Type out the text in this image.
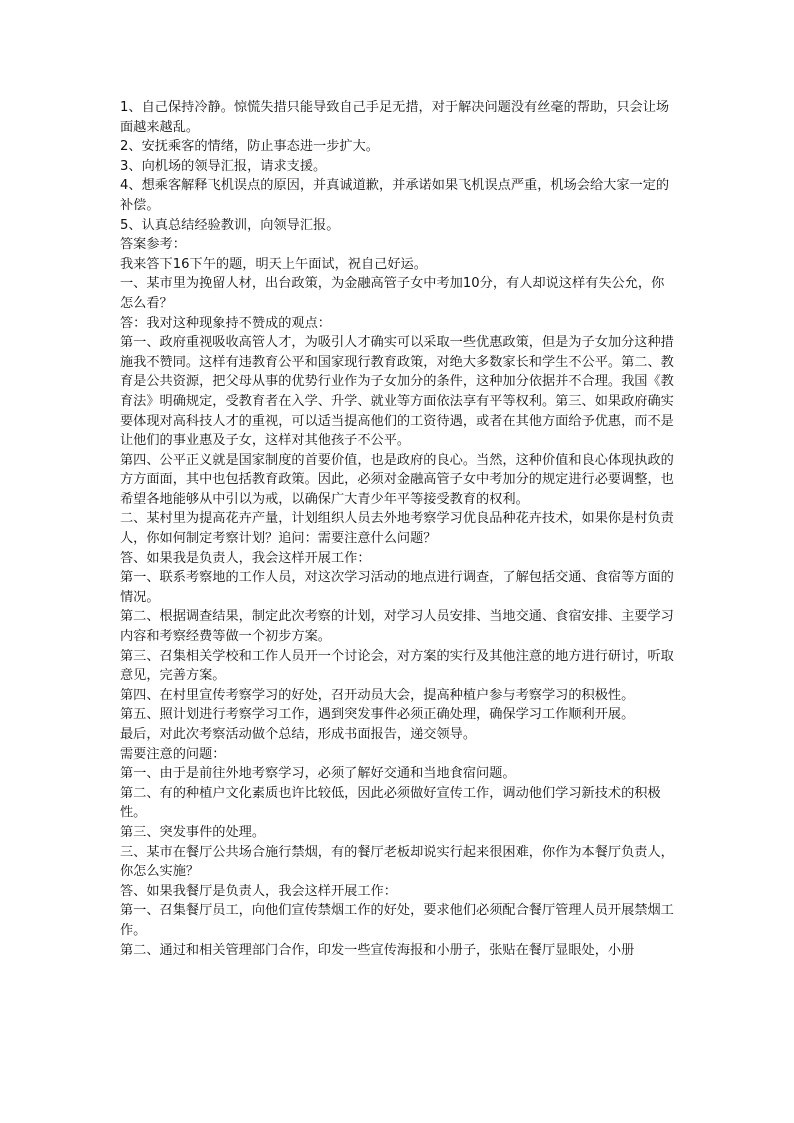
1、自己保持冷静。惊慌失措只能导致自己手足无措，对于解决问题没有丝毫的帮助，只会让场面越来越乱。

2、安抚乘客的情绪，防止事态进一步扩大。

3、向机场的领导汇报，请求支援。

4、想乘客解释飞机误点的原因，并真诚道歉，并承诺如果飞机误点严重，机场会给大家一定的补偿。

5、认真总结经验教训，向领导汇报。

答案参考：

我来答下16下午的题，明天上午面试，祝自己好运。

一、某市里为挽留人材，出台政策，为金融高管子女中考加10分，有人却说这样有失公允，你怎么看？

答：我对这种现象持不赞成的观点：

第一、政府重视吸收高管人才，为吸引人才确实可以采取一些优惠政策，但是为子女加分这种措施我不赞同。这样有违教育公平和国家现行教育政策，对绝大多数家长和学生不公平。第二、教育是公共资源，把父母从事的优势行业作为子女加分的条件，这种加分依据并不合理。我国《教育法》明确规定，受教育者在入学、升学、就业等方面依法享有平等权利。第三、如果政府确实要体现对高科技人才的重视，可以适当提高他们的工资待遇，或者在其他方面给予优惠，而不是让他们的事业惠及子女，这样对其他孩子不公平。

第四、公平正义就是国家制度的首要价值，也是政府的良心。当然，这种价值和良心体现执政的方方面面，其中也包括教育政策。因此，必须对金融高管子女中考加分的规定进行必要调整，也希望各地能够从中引以为戒，以确保广大青少年平等接受教育的权利。

二、某村里为提高花卉产量，计划组织人员去外地考察学习优良品种花卉技术，如果你是村负责人，你如何制定考察计划？追问：需要注意什么问题？

答、如果我是负责人，我会这样开展工作：

第一、联系考察地的工作人员，对这次学习活动的地点进行调查，了解包括交通、食宿等方面的情况。

第二、根据调查结果，制定此次考察的计划，对学习人员安排、当地交通、食宿安排、主要学习内容和考察经费等做一个初步方案。

第三、召集相关学校和工作人员开一个讨论会，对方案的实行及其他注意的地方进行研讨，听取意见，完善方案。

第四、在村里宣传考察学习的好处，召开动员大会，提高种植户参与考察学习的积极性。

第五、照计划进行考察学习工作，遇到突发事件必须正确处理，确保学习工作顺利开展。

最后，对此次考察活动做个总结，形成书面报告，递交领导。

需要注意的问题：

第一、由于是前往外地考察学习，必须了解好交通和当地食宿问题。

第二、有的种植户文化素质也许比较低，因此必须做好宣传工作，调动他们学习新技术的积极性。

第三、突发事件的处理。

三、某市在餐厅公共场合施行禁烟，有的餐厅老板却说实行起来很困难，你作为本餐厅负责人，你怎么实施？

答、如果我餐厅是负责人，我会这样开展工作：

第一、召集餐厅员工，向他们宣传禁烟工作的好处，要求他们必须配合餐厅管理人员开展禁烟工作。

第二、通过和相关管理部门合作，印发一些宣传海报和小册子，张贴在餐厅显眼处，小册
